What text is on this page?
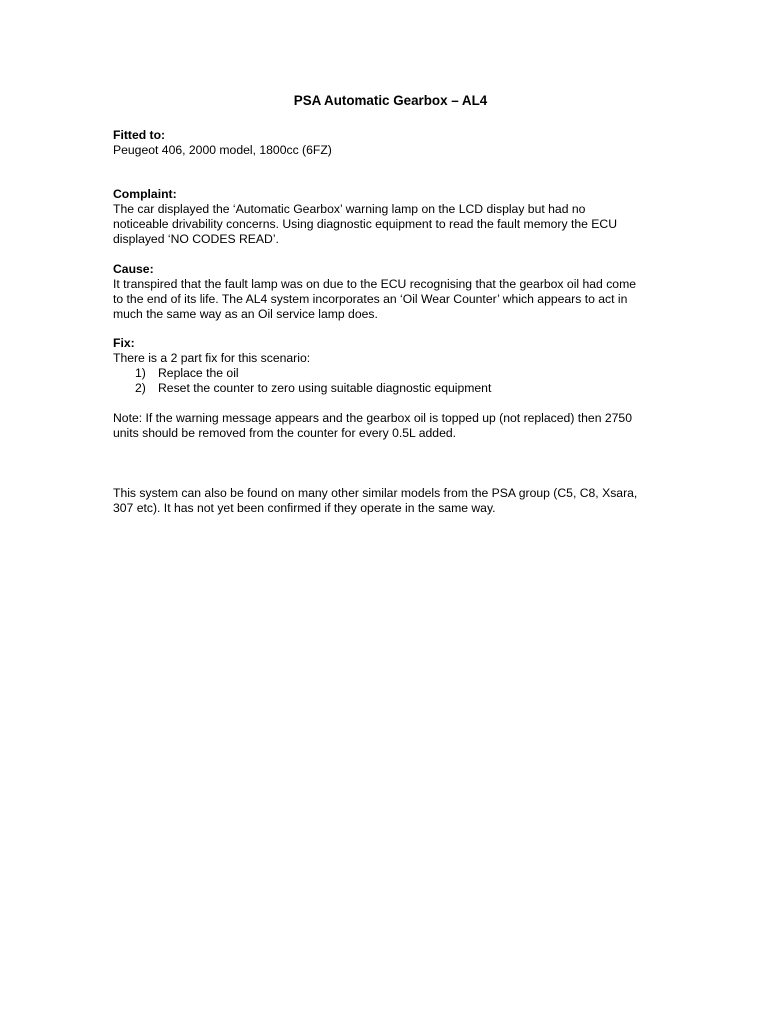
PSA Automatic Gearbox – AL4
Fitted to:

Peugeot 406, 2000 model, 1800cc (6FZ)

Complaint:

The car displayed the ‘Automatic Gearbox’ warning lamp on the LCD display but had no

noticeable drivability concerns. Using diagnostic equipment to read the fault memory the ECU

displayed ‘NO CODES READ’.

Cause:

It transpired that the fault lamp was on due to the ECU recognising that the gearbox oil had come

to the end of its life. The AL4 system incorporates an ‘Oil Wear Counter’ which appears to act in

much the same way as an Oil service lamp does.

Fix:

There is a 2 part fix for this scenario:

1) Replace the oil
2) Reset the counter to zero using suitable diagnostic equipment

Note: If the warning message appears and the gearbox oil is topped up (not replaced) then 2750

units should be removed from the counter for every 0.5L added.

This system can also be found on many other similar models from the PSA group (C5, C8, Xsara,

307 etc). It has not yet been confirmed if they operate in the same way.
